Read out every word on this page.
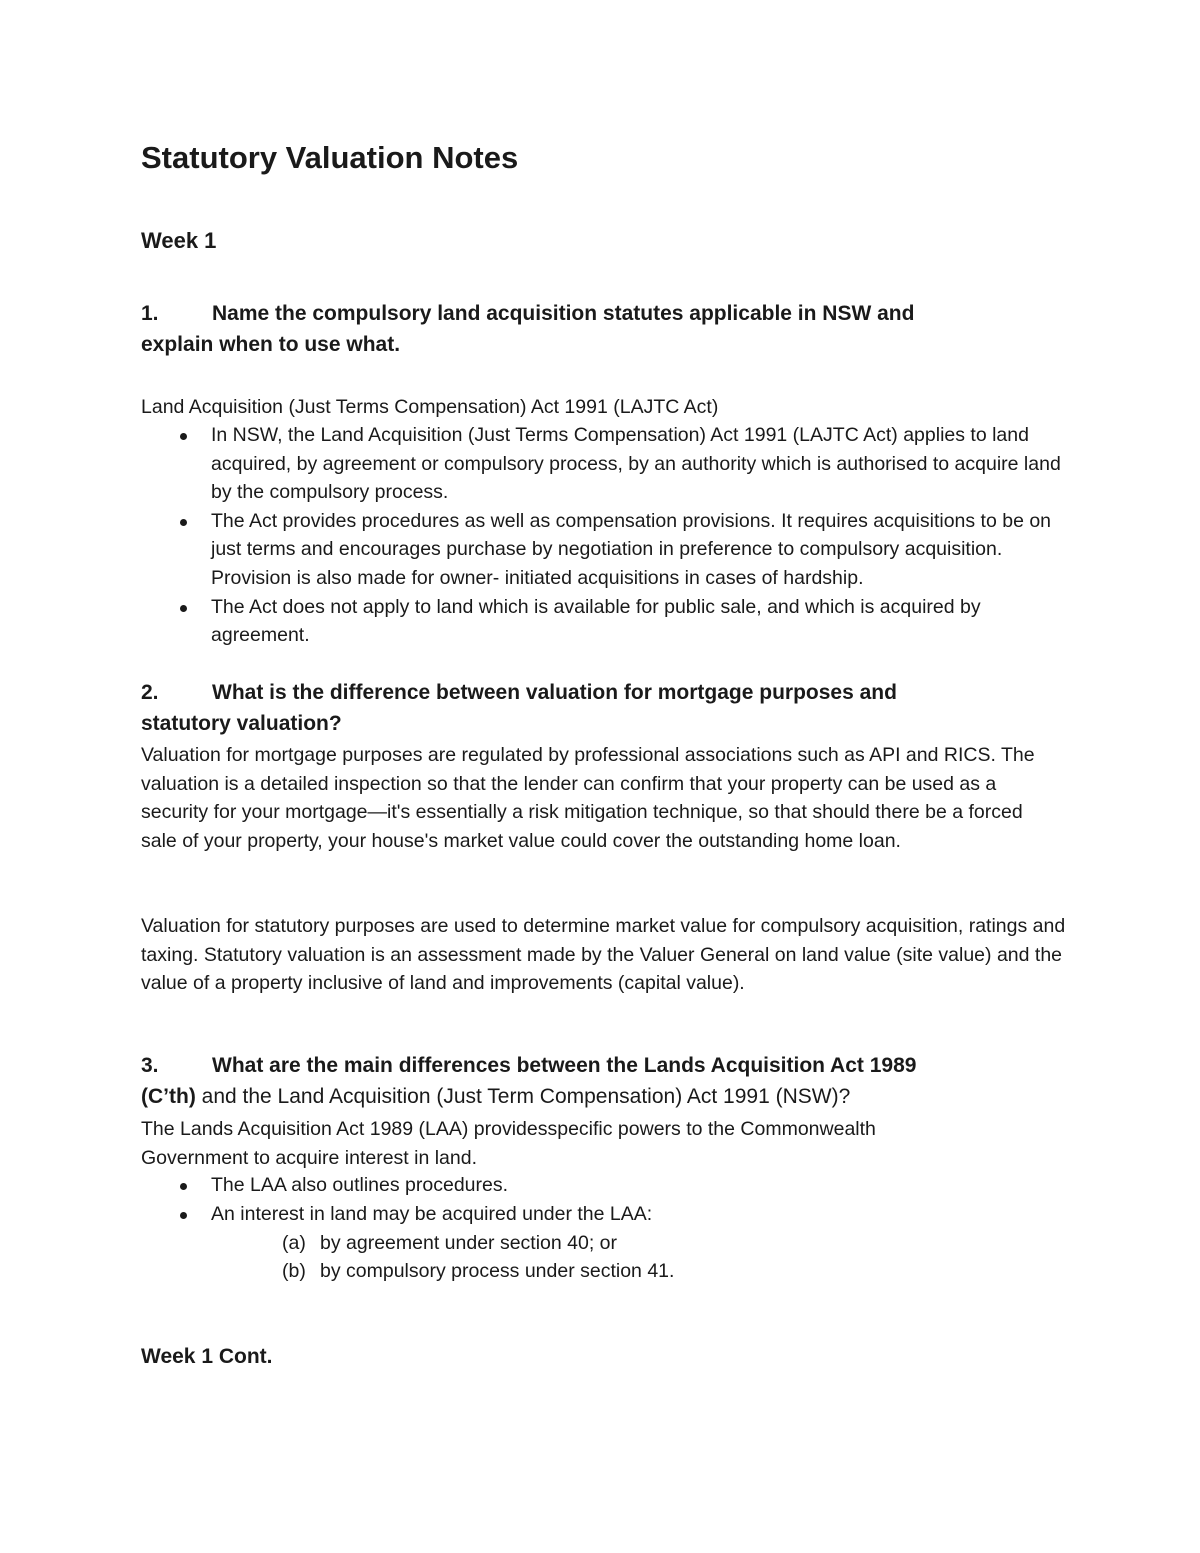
Statutory Valuation Notes
Week 1
1.	Name the compulsory land acquisition statutes applicable in NSW and
explain when to use what.
Land Acquisition (Just Terms Compensation) Act 1991 (LAJTC Act)
In NSW, the Land Acquisition (Just Terms Compensation) Act 1991 (LAJTC Act) applies to land acquired, by agreement or compulsory process, by an authority which is authorised to acquire land by the compulsory process.
The Act provides procedures as well as compensation provisions. It requires acquisitions to be on just terms and encourages purchase by negotiation in preference to compulsory acquisition. Provision is also made for owner- initiated acquisitions in cases of hardship.
The Act does not apply to land which is available for public sale, and which is acquired by agreement.
2.	What is the difference between valuation for mortgage purposes and
statutory valuation?
Valuation for mortgage purposes are regulated by professional associations such as API and RICS. The valuation is a detailed inspection so that the lender can confirm that your property can be used as a security for your mortgage—it's essentially a risk mitigation technique, so that should there be a forced sale of your property, your house's market value could cover the outstanding home loan.
Valuation for statutory purposes are used to determine market value for compulsory acquisition, ratings and taxing. Statutory valuation is an assessment made by the Valuer General on land value (site value) and the value of a property inclusive of land and improvements (capital value).
3.	What are the main differences between the Lands Acquisition Act 1989
(C’th) and the Land Acquisition (Just Term Compensation) Act 1991 (NSW)?
The Lands Acquisition Act 1989 (LAA) providesspecific powers to the Commonwealth Government to acquire interest in land.
The LAA also outlines procedures.
An interest in land may be acquired under the LAA:
(a) by agreement under section 40; or
(b) by compulsory process under section 41.
Week 1 Cont.
